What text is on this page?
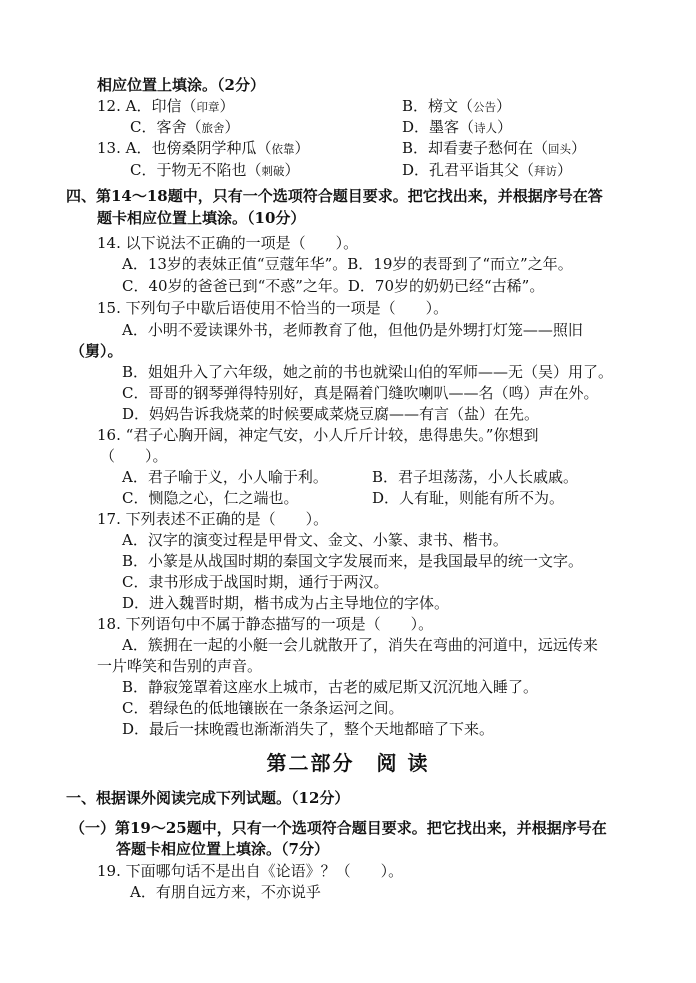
相应位置上填涂。（2分）
12. A．印信（印章）	B．榜文（公告）
C．客舍（旅舍）	D．墨客（诗人）
13. A．也傍桑阴学种瓜（依靠）	B．却看妻子愁何在（回头）
C．于物无不陷也（刺破）	D．孔君平诣其父（拜访）
四、第14～18题中，只有一个选项符合题目要求。把它找出来，并根据序号在答
题卡相应位置上填涂。（10分）
14. 以下说法不正确的一项是（　　）。
A．13岁的表妹正值“豆蔻年华”。B．19岁的表哥到了“而立”之年。
C．40岁的爸爸已到“不惑”之年。D．70岁的奶奶已经“古稀”。
15. 下列句子中歇后语使用不恰当的一项是（　　）。
A．小明不爱读课外书，老师教育了他，但他仍是外甥打灯笼——照旧
（舅）。
B．姐姐升入了六年级，她之前的书也就梁山伯的军师——无（吴）用了。
C．哥哥的钢琴弹得特别好，真是隔着门缝吹喇叭——名（鸣）声在外。
D．妈妈告诉我烧菜的时候要咸菜烧豆腐——有言（盐）在先。
16. “君子心胸开阔，神定气安，小人斤斤计较，患得患失。”你想到
（　　）。
A．君子喻于义，小人喻于利。	B．君子坦荡荡，小人长戚戚。
C．恻隐之心，仁之端也。	D．人有耻，则能有所不为。
17. 下列表述不正确的是（　　）。
A．汉字的演变过程是甲骨文、金文、小篆、隶书、楷书。
B．小篆是从战国时期的秦国文字发展而来，是我国最早的统一文字。
C．隶书形成于战国时期，通行于两汉。
D．进入魏晋时期，楷书成为占主导地位的字体。
18. 下列语句中不属于静态描写的一项是（　　）。
A．簇拥在一起的小艇一会儿就散开了，消失在弯曲的河道中，远远传来
一片哗笑和告别的声音。
B．静寂笼罩着这座水上城市，古老的威尼斯又沉沉地入睡了。
C．碧绿色的低地镶嵌在一条条运河之间。
D．最后一抹晚霞也渐渐消失了，整个天地都暗了下来。
第二部分　阅 读
一、根据课外阅读完成下列试题。（12分）
（一）第19～25题中，只有一个选项符合题目要求。把它找出来，并根据序号在
答题卡相应位置上填涂。（7分）
19. 下面哪句话不是出自《论语》？（　　）。
A．有朋自远方来，不亦说乎
